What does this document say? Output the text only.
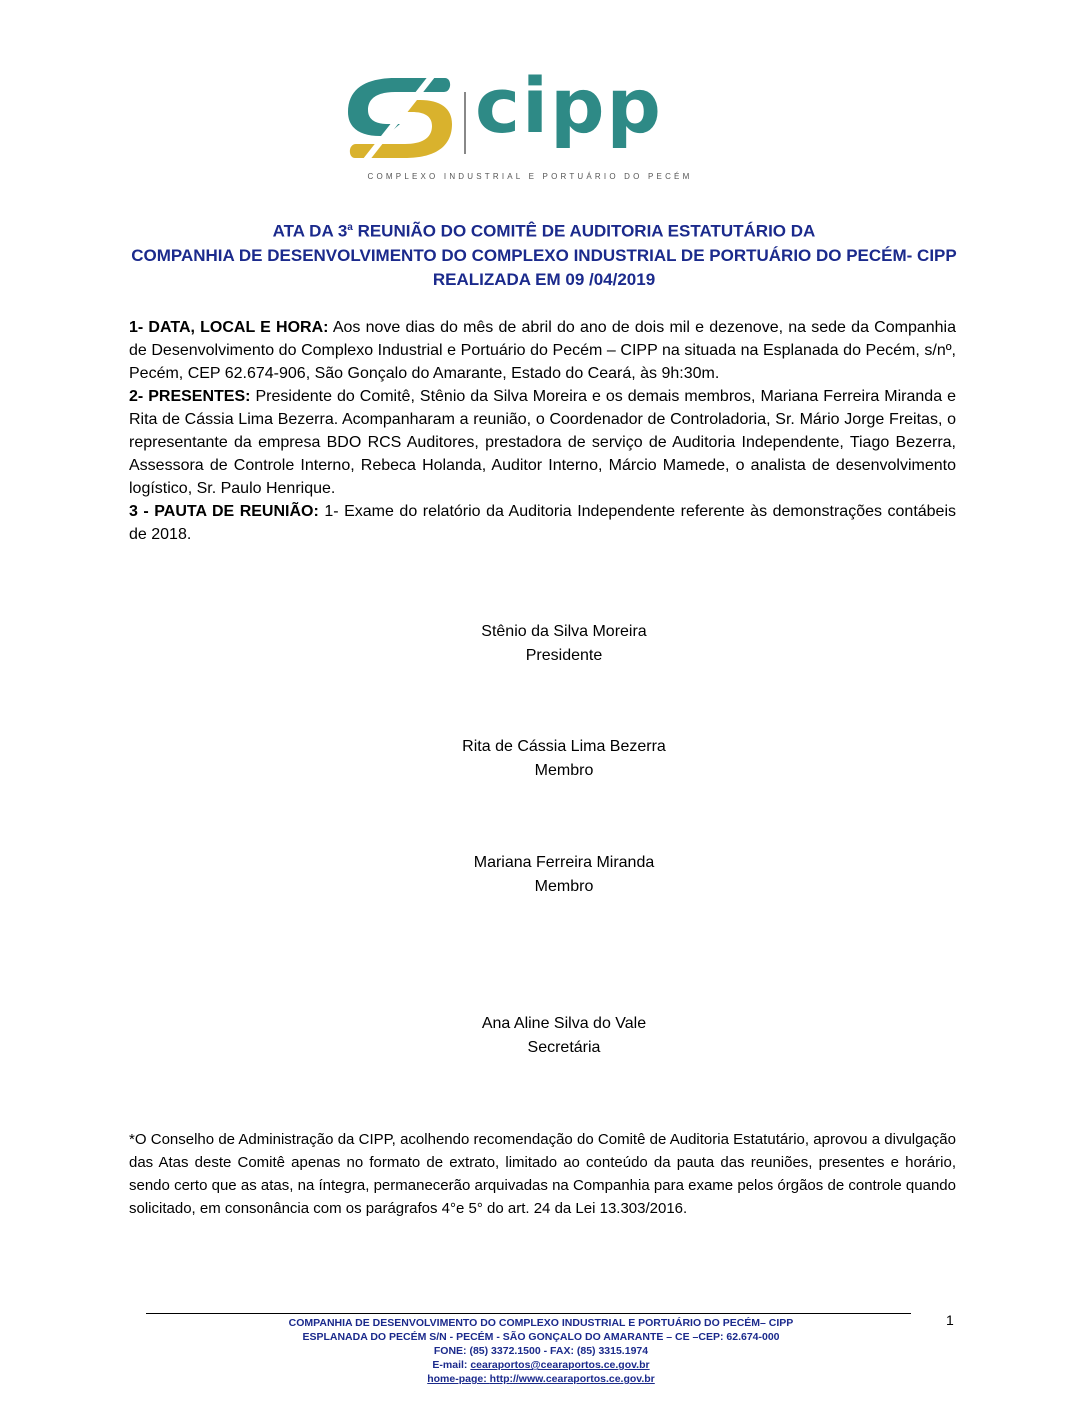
cipp
COMPLEXO INDUSTRIAL E PORTUÁRIO DO PECÉM
ATA DA 3$^a$ REUNIÃO DO COMITÊ DE AUDITORIA ESTATUTÁRIO DA
COMPANHIA DE DESENVOLVIMENTO DO COMPLEXO INDUSTRIAL DE PORTUÁRIO DO PECÉM- CIPP
REALIZADA EM 09 /04/2019

1- DATA, LOCAL E HORA: Aos nove dias do mês de abril do ano de dois mil e dezenove, na sede da Companhia de Desenvolvimento do Complexo Industrial e Portuário do Pecém – CIPP na situada na Esplanada do Pecém, s/nº, Pecém, CEP 62.674-906, São Gonçalo do Amarante, Estado do Ceará, às 9h:30m.

2- PRESENTES: Presidente do Comitê, Stênio da Silva Moreira e os demais membros, Mariana Ferreira Miranda e Rita de Cássia Lima Bezerra. Acompanharam a reunião, o Coordenador de Controladoria, Sr. Mário Jorge Freitas, o representante da empresa BDO RCS Auditores, prestadora de serviço de Auditoria Independente, Tiago Bezerra, Assessora de Controle Interno, Rebeca Holanda, Auditor Interno, Márcio Mamede, o analista de desenvolvimento logístico, Sr. Paulo Henrique.

3 - PAUTA DE REUNIÃO: 1- Exame do relatório da Auditoria Independente referente às demonstrações contábeis de 2018.

Stênio da Silva Moreira
Presidente
Rita de Cássia Lima Bezerra
Membro
Mariana Ferreira Miranda
Membro
Ana Aline Silva do Vale
Secretária
*O Conselho de Administração da CIPP, acolhendo recomendação do Comitê de Auditoria Estatutário, aprovou a divulgação das Atas deste Comitê apenas no formato de extrato, limitado ao conteúdo da pauta das reuniões, presentes e horário, sendo certo que as atas, na íntegra, permanecerão arquivadas na Companhia para exame pelos órgãos de controle quando solicitado, em consonância com os parágrafos 4°e 5° do art. 24 da Lei 13.303/2016.
COMPANHIA DE DESENVOLVIMENTO DO COMPLEXO INDUSTRIAL E PORTUÁRIO DO PECÉM– CIPP
ESPLANADA DO PECÉM S/N - PECÉM - SÃO GONÇALO DO AMARANTE – CE –CEP: 62.674-000
FONE: (85) 3372.1500 - FAX: (85) 3315.1974
E-mail: cearaportos@cearaportos.ce.gov.br
home-page: http://www.cearaportos.ce.gov.br
1
